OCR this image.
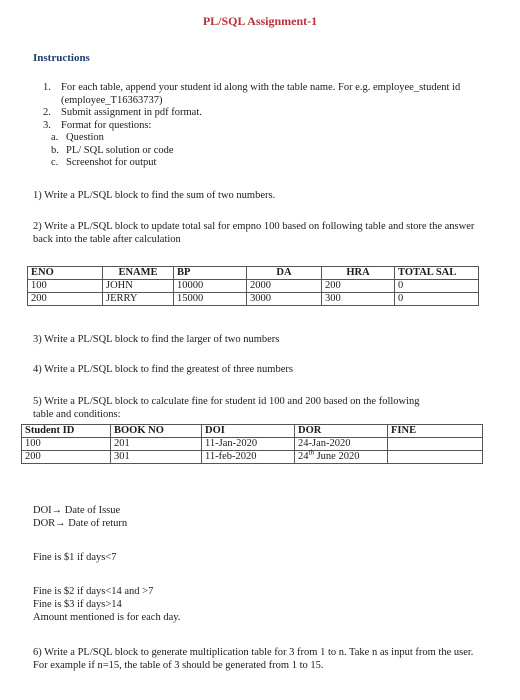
PL/SQL Assignment-1
Instructions
1. For each table, append your student id along with the table name. For e.g. employee_student id (employee_T16363737)
2. Submit assignment in pdf format.
3. Format for questions:
a. Question
b. PL/ SQL solution or code
c. Screenshot for output
1) Write a PL/SQL block to find the sum of two numbers.
2) Write a PL/SQL block to update total sal for empno 100 based on following table and store the answer back into the table after calculation
ENO	ENAME	BP	DA	HRA	TOTAL SAL
100	JOHN	10000	2000	200	0
200	JERRY	15000	3000	300	0
3) Write a PL/SQL block to find the larger of two numbers
4) Write a PL/SQL block to find the greatest of three numbers
5) Write a PL/SQL block to calculate fine for student id 100 and 200 based on the following table and conditions:
Student ID	BOOK NO	DOI	DOR	FINE
100	201	11-Jan-2020	24-Jan-2020	
200	301	11-feb-2020	24th June 2020	
DOI→ Date of Issue
DOR→ Date of return
Fine is $1 if days<7
Fine is $2 if days<14 and >7
Fine is $3 if days>14
Amount mentioned is for each day.
6) Write a PL/SQL block to generate multiplication table for 3 from 1 to n. Take n as input from the user. For example if n=15, the table of 3 should be generated from 1 to 15.
